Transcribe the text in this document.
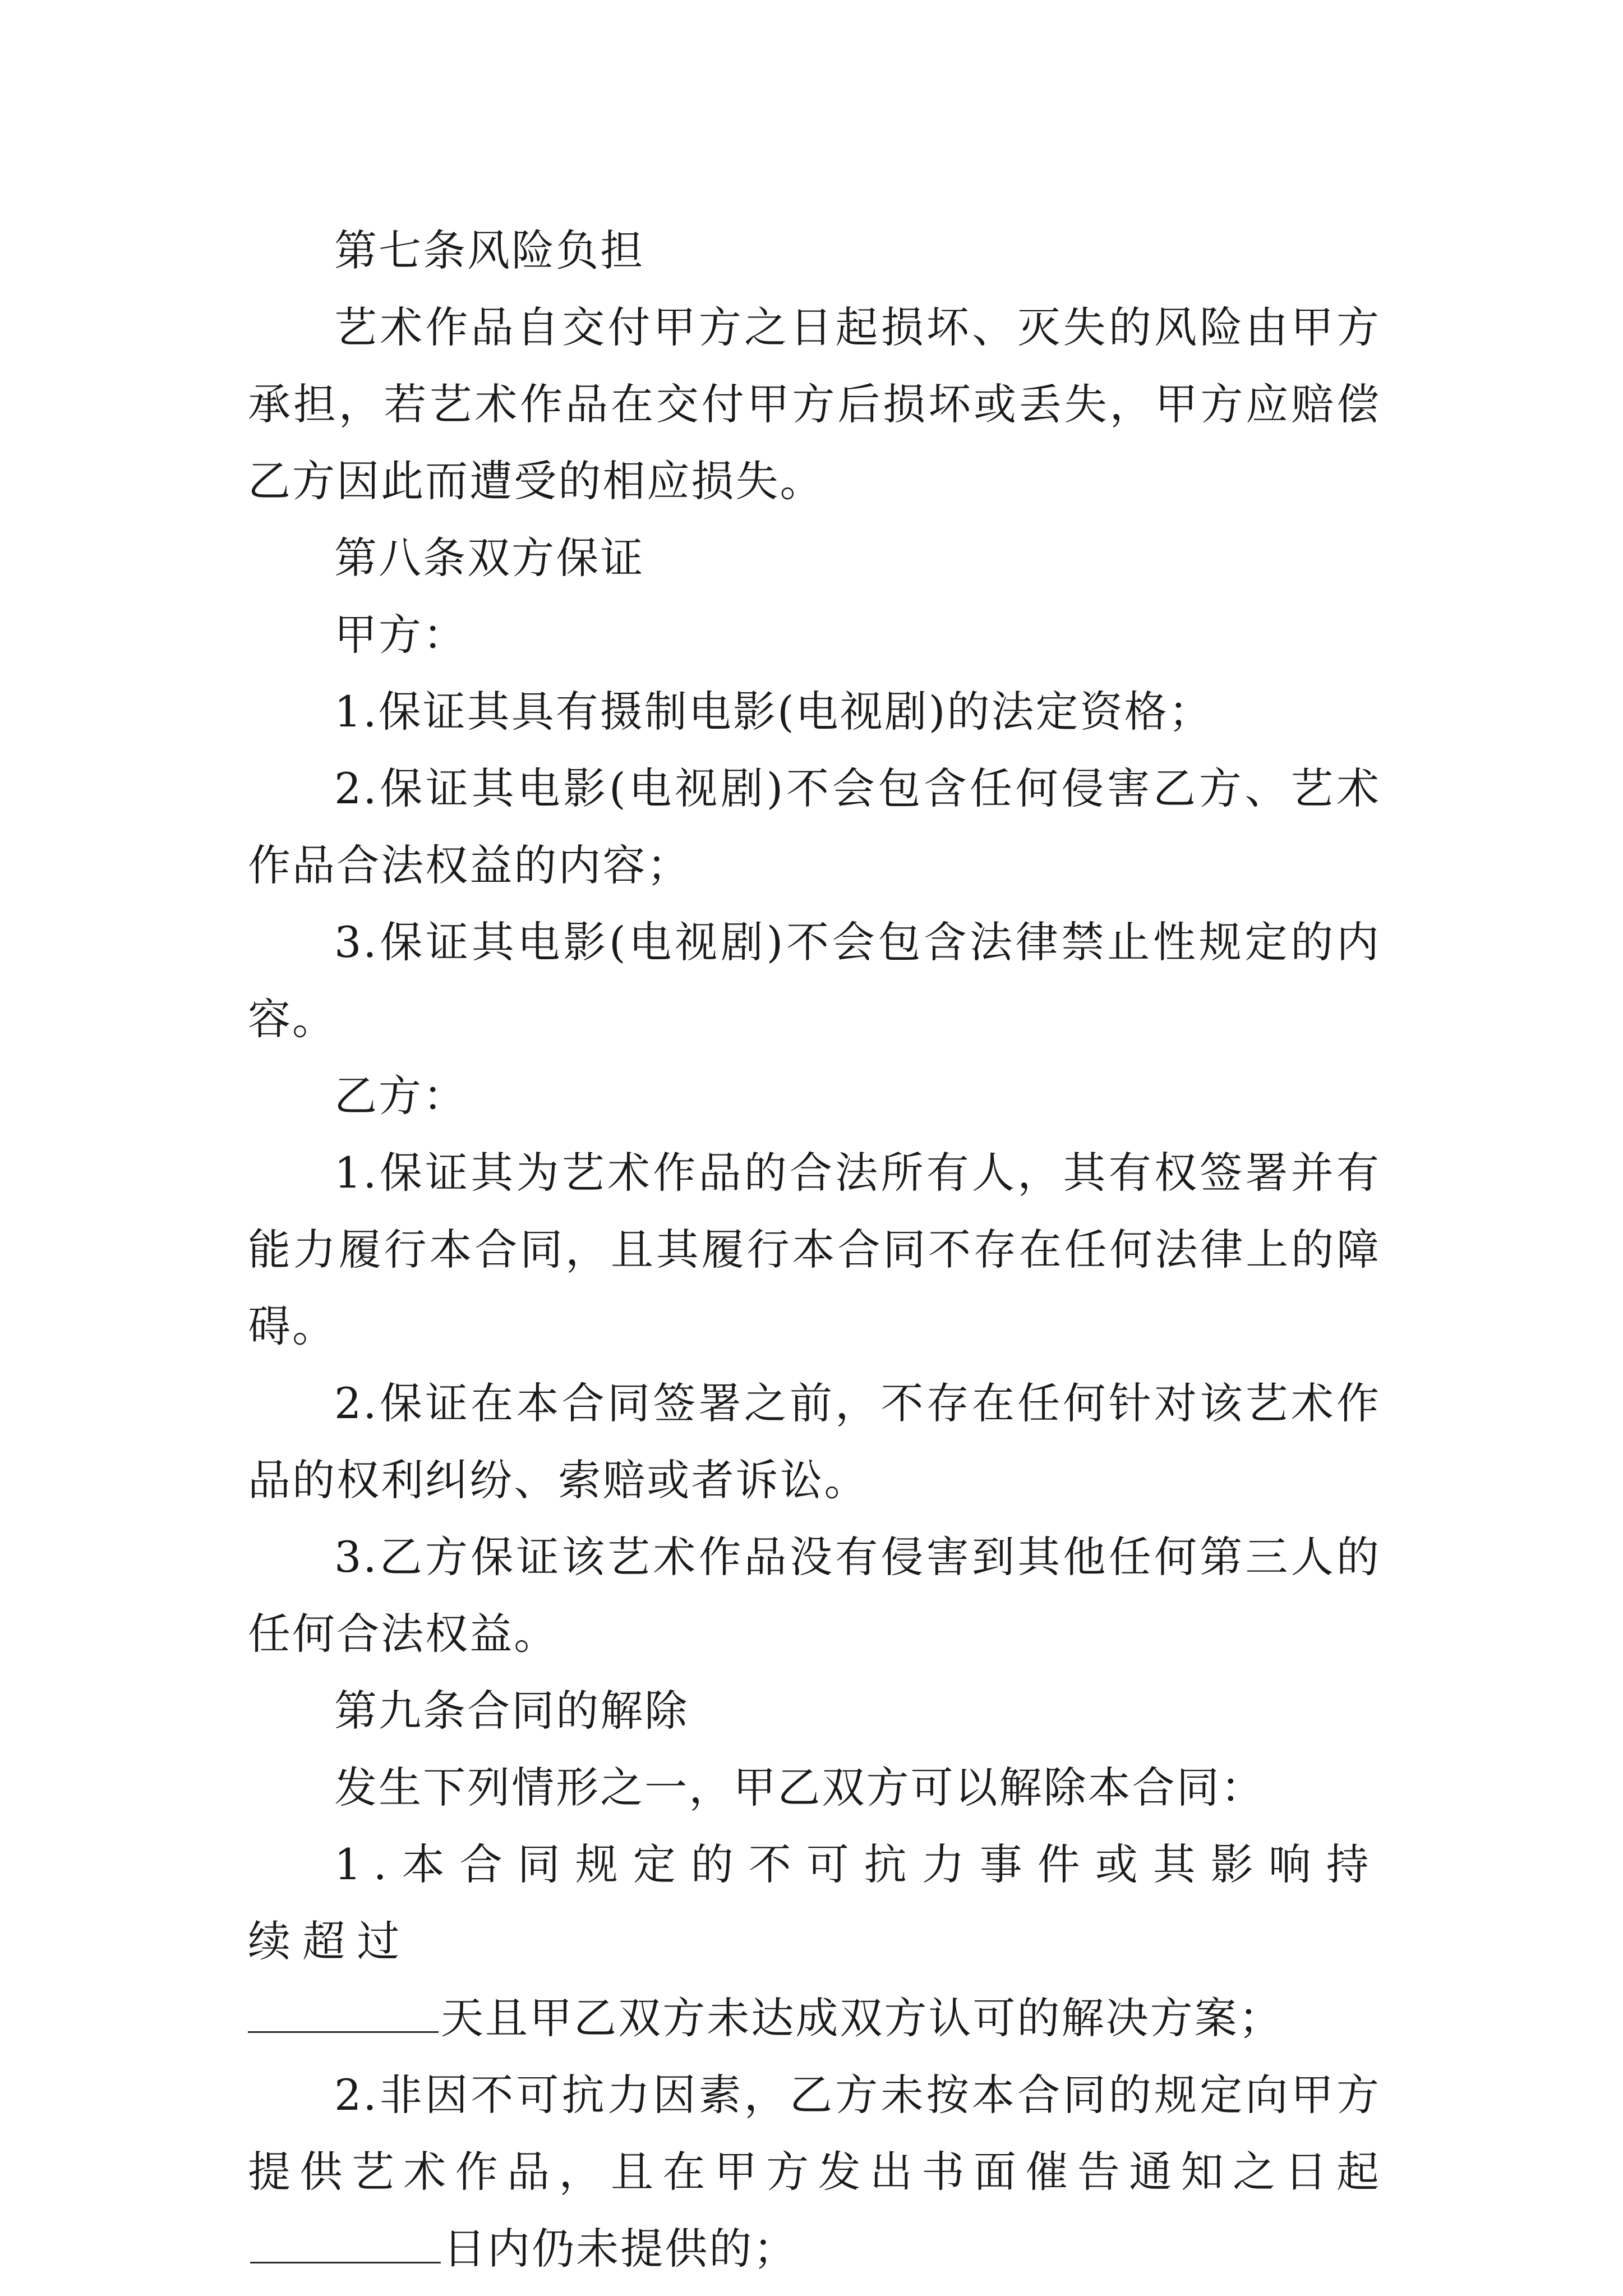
第七条风险负担

艺术作品自交付甲方之日起损坏、灭失的风险由甲方承担，若艺术作品在交付甲方后损坏或丢失，甲方应赔偿乙方因此而遭受的相应损失。

第八条双方保证

甲方：

1.保证其具有摄制电影(电视剧)的法定资格；

2.保证其电影(电视剧)不会包含任何侵害乙方、艺术作品合法权益的内容；

3.保证其电影(电视剧)不会包含法律禁止性规定的内容。

乙方：

1.保证其为艺术作品的合法所有人，其有权签署并有能力履行本合同，且其履行本合同不存在任何法律上的障碍。

2.保证在本合同签署之前，不存在任何针对该艺术作品的权利纠纷、索赔或者诉讼。

3.乙方保证该艺术作品没有侵害到其他任何第三人的任何合法权益。

第九条合同的解除

发生下列情形之一，甲乙双方可以解除本合同：

1.本合同规定的不可抗力事件或其影响持续超过
天且甲乙双方未达成双方认可的解决方案；

2.非因不可抗力因素，乙方未按本合同的规定向甲方提供艺术作品，且在甲方发出书面催告通知之日起日内仍未提供的；
